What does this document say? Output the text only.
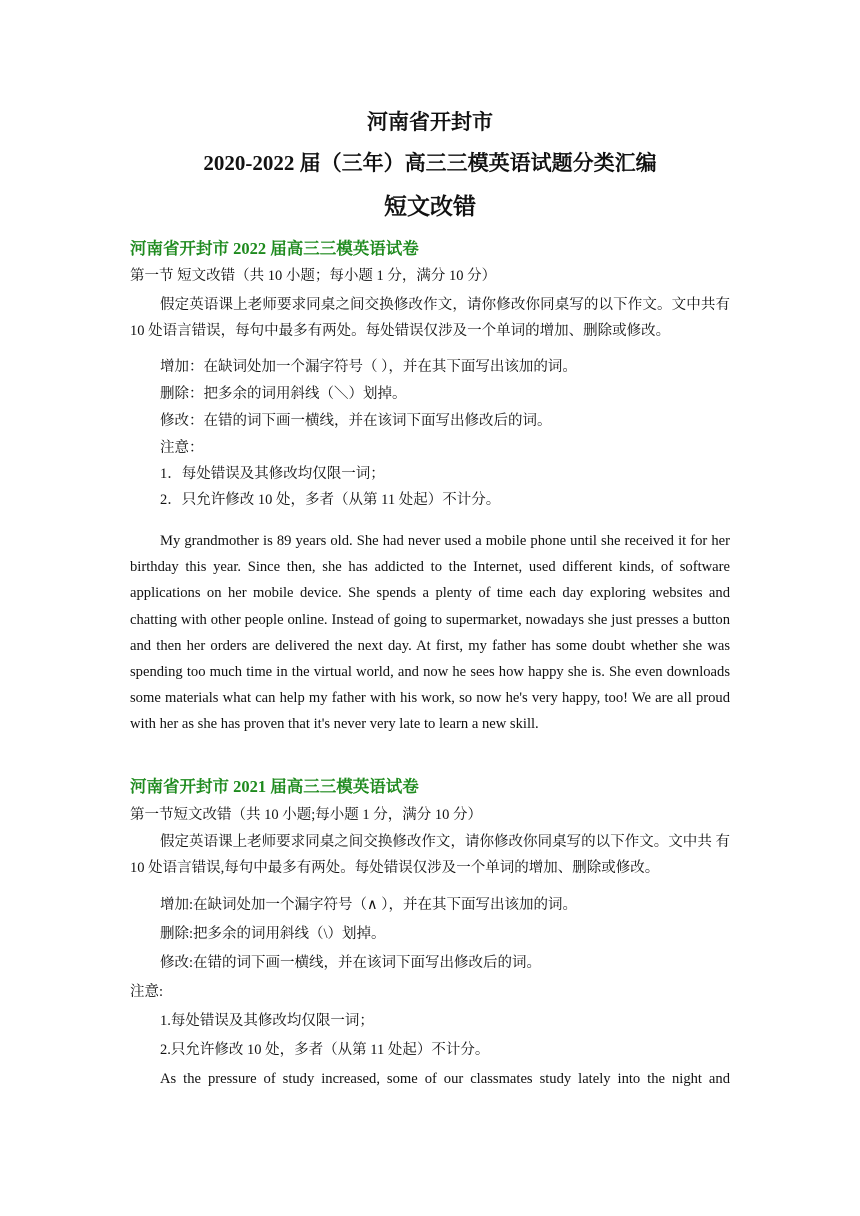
河南省开封市
2020-2022 届（三年）高三三模英语试题分类汇编
短文改错
河南省开封市 2022 届高三三模英语试卷
第一节 短文改错（共 10 小题；每小题 1 分，满分 10 分）
假定英语课上老师要求同桌之间交换修改作文，请你修改你同桌写的以下作文。文中共有 10 处语言错误，每句中最多有两处。每处错误仅涉及一个单词的增加、删除或修改。
增加：在缺词处加一个漏字符号（ ），并在其下面写出该加的词。
删除：把多余的词用斜线（＼）划掉。
修改：在错的词下画一横线，并在该词下面写出修改后的词。
注意：
1．每处错误及其修改均仅限一词；
2．只允许修改 10 处，多者（从第 11 处起）不计分。
My grandmother is 89 years old. She had never used a mobile phone until she received it for her birthday this year. Since then, she has addicted to the Internet, used different kinds, of software applications on her mobile device. She spends a plenty of time each day exploring websites and chatting with other people online. Instead of going to supermarket, nowadays she just presses a button and then her orders are delivered the next day. At first, my father has some doubt whether she was spending too much time in the virtual world, and now he sees how happy she is. She even downloads some materials what can help my father with his work, so now he's very happy, too! We are all proud with her as she has proven that it's never very late to learn a new skill.
河南省开封市 2021 届高三三模英语试卷
第一节短文改错（共 10 小题;每小题 1 分，满分 10 分）
假定英语课上老师要求同桌之间交换修改作文，请你修改你同桌写的以下作文。文中共 有 10 处语言错误,每句中最多有两处。每处错误仅涉及一个单词的增加、删除或修改。
增加:在缺词处加一个漏字符号（∧ ），并在其下面写出该加的词。
删除:把多余的词用斜线（\）划掉。
修改:在错的词下画一横线，并在该词下面写出修改后的词。
注意:
1.每处错误及其修改均仅限一词；
2.只允许修改 10 处，多者（从第 11 处起）不计分。
As the pressure of study increased, some of our classmates study lately into the night and
